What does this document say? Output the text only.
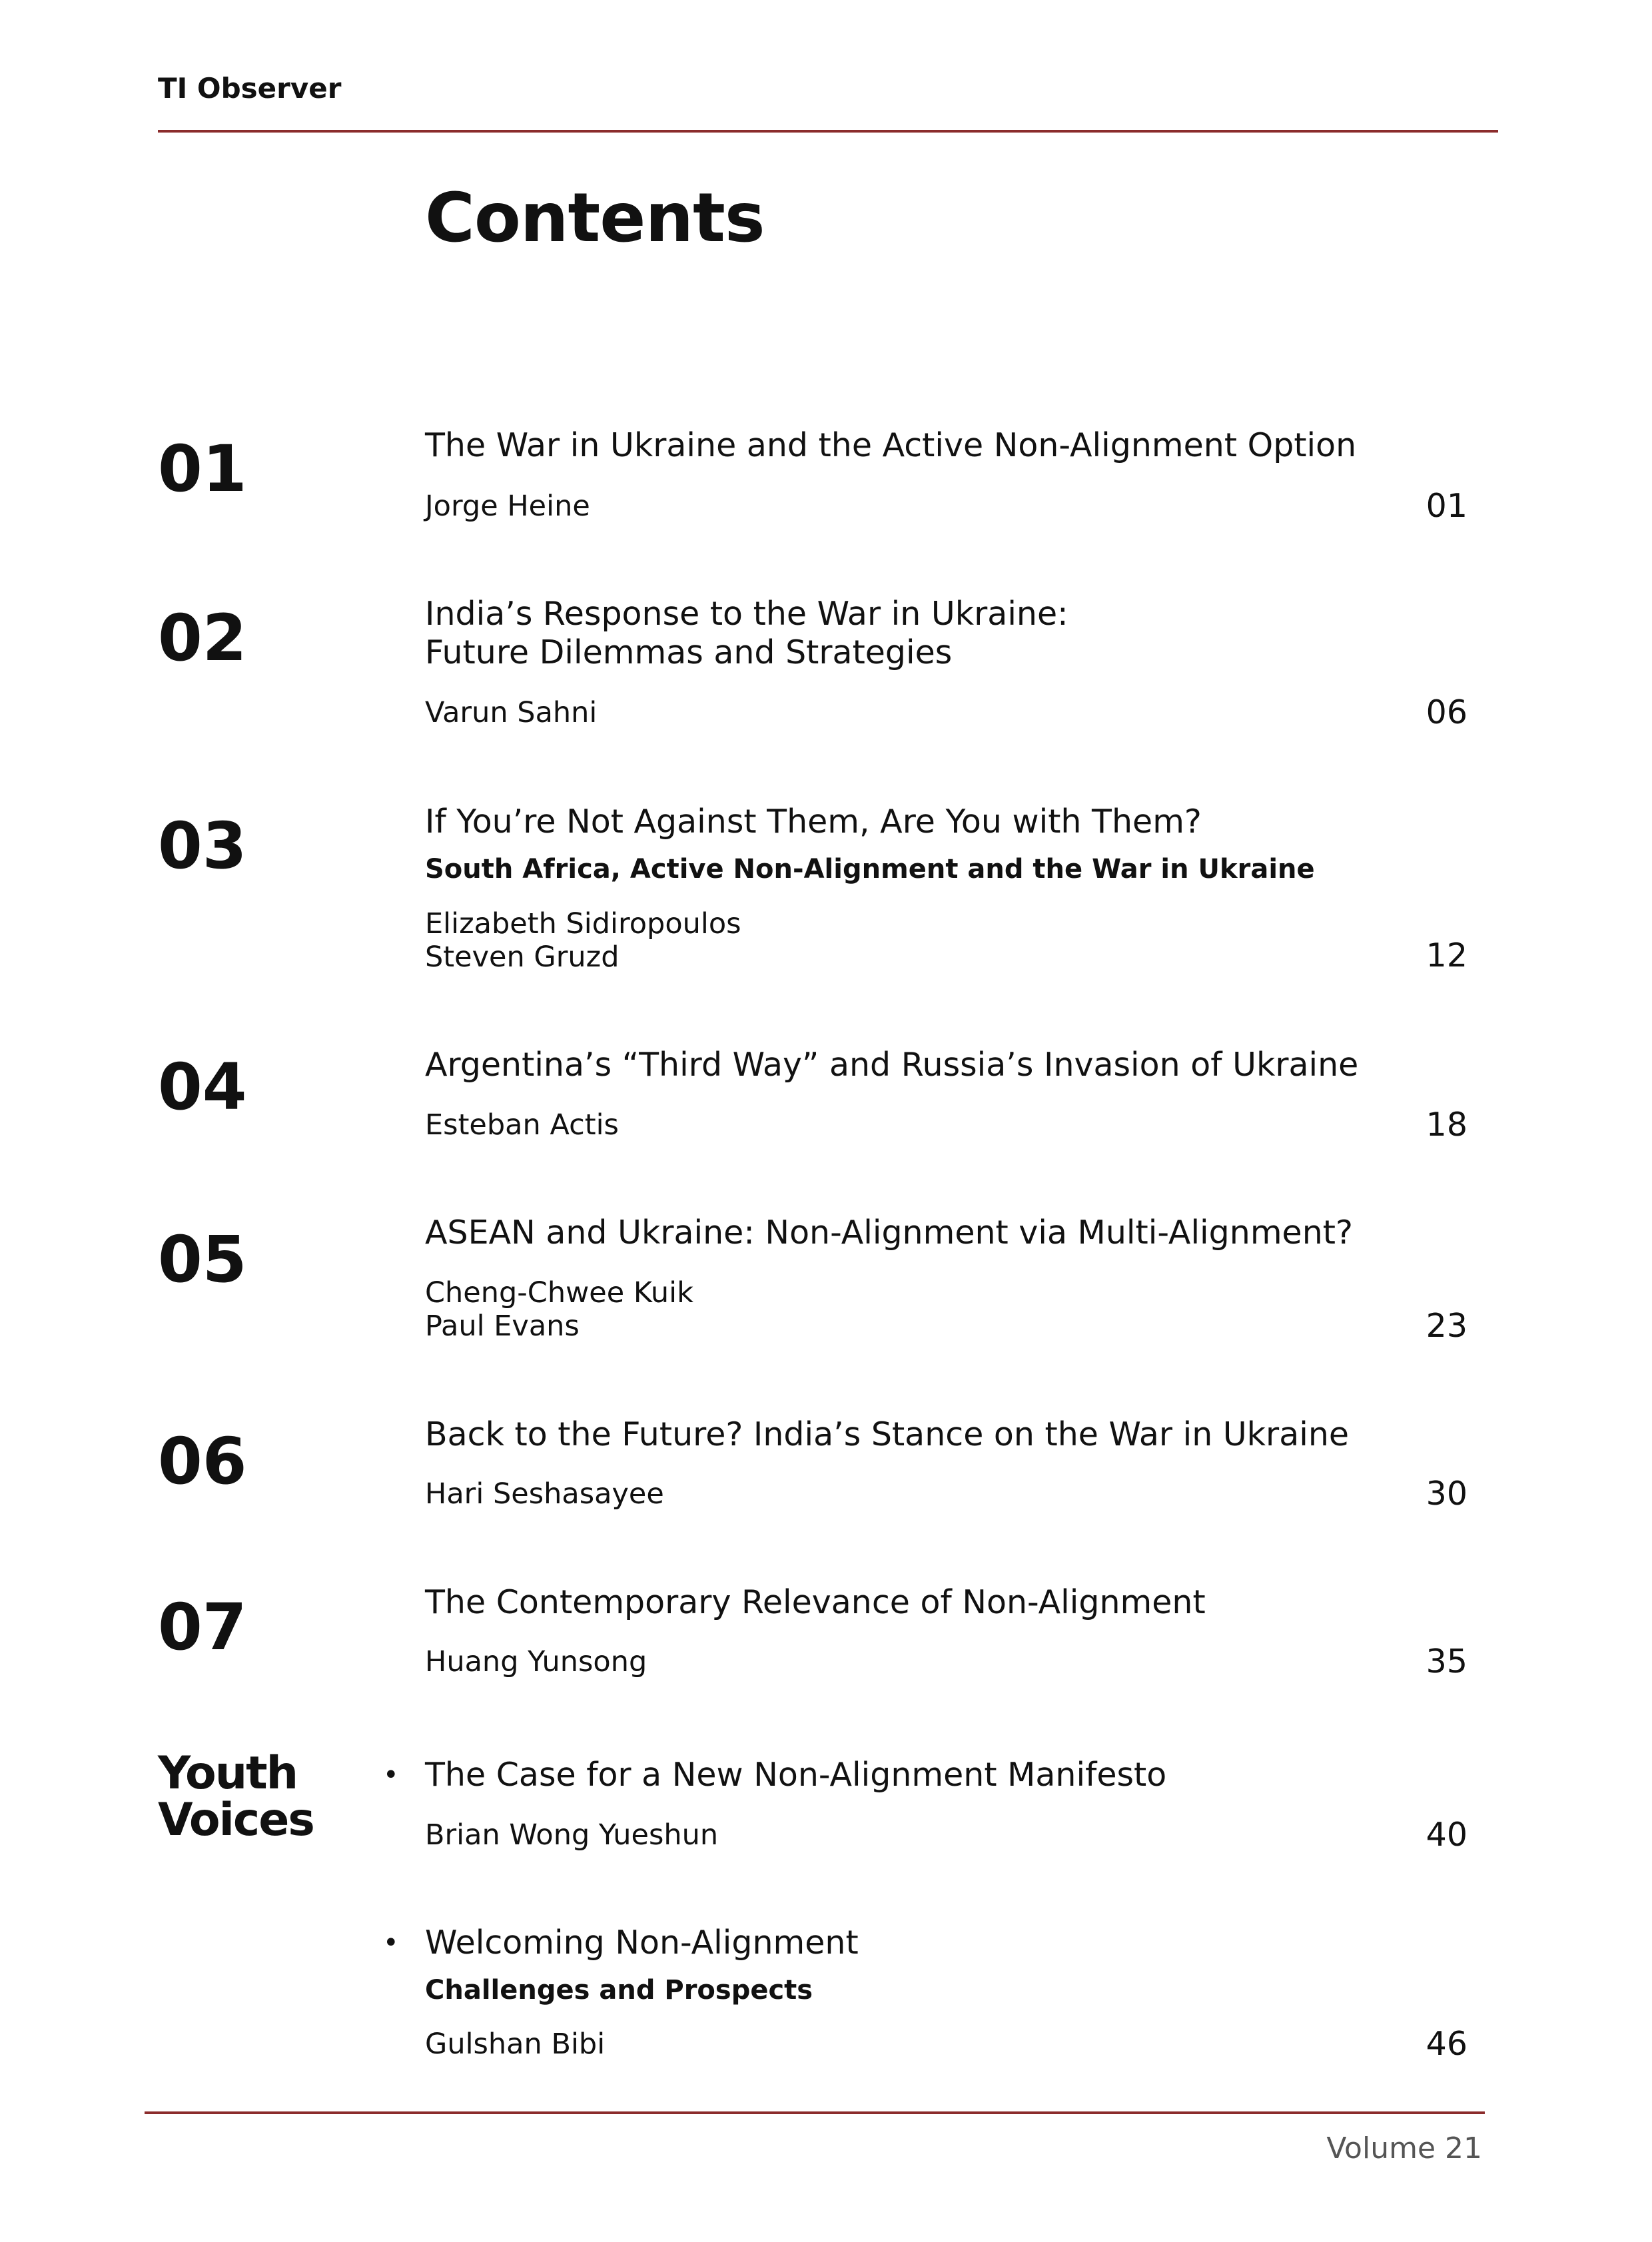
TI Observer
Contents
01	The War in Ukraine and the Active Non-Alignment Option
Jorge Heine	01
02	India’s Response to the War in Ukraine:
Future Dilemmas and Strategies
Varun Sahni	06
03	If You’re Not Against Them, Are You with Them?
South Africa, Active Non-Alignment and the War in Ukraine
Elizabeth Sidiropoulos
Steven Gruzd	12
04	Argentina’s “Third Way” and Russia’s Invasion of Ukraine
Esteban Actis	18
05	ASEAN and Ukraine: Non-Alignment via Multi-Alignment?
Cheng-Chwee Kuik
Paul Evans	23
06	Back to the Future? India’s Stance on the War in Ukraine
Hari Seshasayee	30
07	The Contemporary Relevance of Non-Alignment
Huang Yunsong	35
Youth
Voices
• The Case for a New Non-Alignment Manifesto
Brian Wong Yueshun	40
• Welcoming Non-Alignment
Challenges and Prospects
Gulshan Bibi	46
Volume 21
